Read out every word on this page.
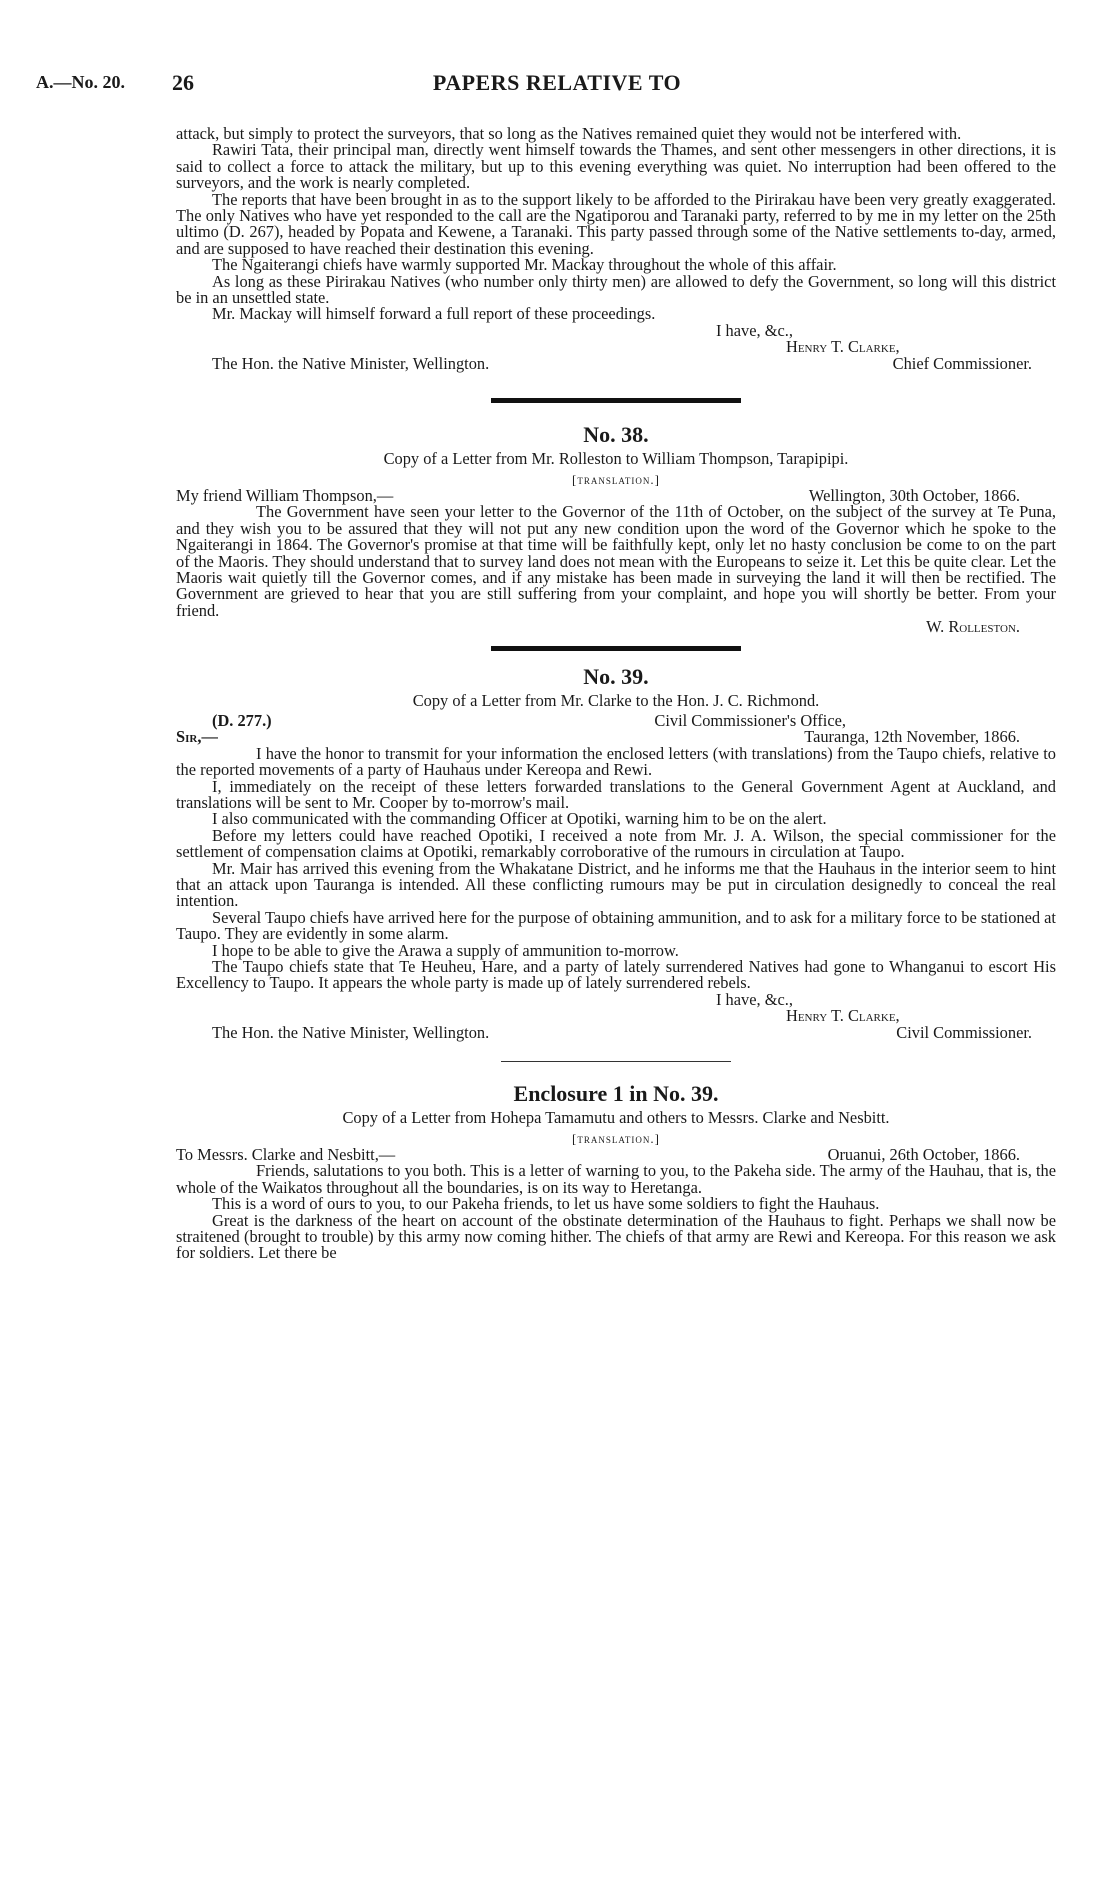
A.—No. 20. 26	PAPERS RELATIVE TO

attack, but simply to protect the surveyors, that so long as the Natives remained quiet they would not be interfered with.

Rawiri Tata, their principal man, directly went himself towards the Thames, and sent other messengers in other directions, it is said to collect a force to attack the military, but up to this evening everything was quiet. No interruption had been offered to the surveyors, and the work is nearly completed.

The reports that have been brought in as to the support likely to be afforded to the Pirirakau have been very greatly exaggerated. The only Natives who have yet responded to the call are the Ngatiporou and Taranaki party, referred to by me in my letter on the 25th ultimo (D. 267), headed by Popata and Kewene, a Taranaki. This party passed through some of the Native settlements to-day, armed, and are supposed to have reached their destination this evening.

The Ngaiterangi chiefs have warmly supported Mr. Mackay throughout the whole of this affair.

As long as these Pirirakau Natives (who number only thirty men) are allowed to defy the Government, so long will this district be in an unsettled state.

Mr. Mackay will himself forward a full report of these proceedings.

I have, &c.,
Henry T. Clarke,
The Hon. the Native Minister, Wellington.	Chief Commissioner.
No. 38.

Copy of a Letter from Mr. Rolleston to William Thompson, Tarapipipi.

[translation.]

My friend William Thompson,—	Wellington, 30th October, 1866.

The Government have seen your letter to the Governor of the 11th of October, on the subject of the survey at Te Puna, and they wish you to be assured that they will not put any new condition upon the word of the Governor which he spoke to the Ngaiterangi in 1864. The Governor's promise at that time will be faithfully kept, only let no hasty conclusion be come to on the part of the Maoris. They should understand that to survey land does not mean with the Europeans to seize it. Let this be quite clear. Let the Maoris wait quietly till the Governor comes, and if any mistake has been made in surveying the land it will then be rectified. The Government are grieved to hear that you are still suffering from your complaint, and hope you will shortly be better. From your friend.

W. Rolleston.
No. 39.

Copy of a Letter from Mr. Clarke to the Hon. J. C. Richmond.

(D. 277.)	Civil Commissioner's Office,
Sir,—	Tauranga, 12th November, 1866.

I have the honor to transmit for your information the enclosed letters (with translations) from the Taupo chiefs, relative to the reported movements of a party of Hauhaus under Kereopa and Rewi.

I, immediately on the receipt of these letters forwarded translations to the General Government Agent at Auckland, and translations will be sent to Mr. Cooper by to-morrow's mail.

I also communicated with the commanding Officer at Opotiki, warning him to be on the alert.

Before my letters could have reached Opotiki, I received a note from Mr. J. A. Wilson, the special commissioner for the settlement of compensation claims at Opotiki, remarkably corroborative of the rumours in circulation at Taupo.

Mr. Mair has arrived this evening from the Whakatane District, and he informs me that the Hauhaus in the interior seem to hint that an attack upon Tauranga is intended. All these conflicting rumours may be put in circulation designedly to conceal the real intention.

Several Taupo chiefs have arrived here for the purpose of obtaining ammunition, and to ask for a military force to be stationed at Taupo. They are evidently in some alarm.

I hope to be able to give the Arawa a supply of ammunition to-morrow.

The Taupo chiefs state that Te Heuheu, Hare, and a party of lately surrendered Natives had gone to Whanganui to escort His Excellency to Taupo. It appears the whole party is made up of lately surrendered rebels.

I have, &c.,
Henry T. Clarke,
The Hon. the Native Minister, Wellington.	Civil Commissioner.
Enclosure 1 in No. 39.

Copy of a Letter from Hohepa Tamamutu and others to Messrs. Clarke and Nesbitt.

[translation.]

To Messrs. Clarke and Nesbitt,—	Oruanui, 26th October, 1866.

Friends, salutations to you both. This is a letter of warning to you, to the Pakeha side. The army of the Hauhau, that is, the whole of the Waikatos throughout all the boundaries, is on its way to Heretanga.

This is a word of ours to you, to our Pakeha friends, to let us have some soldiers to fight the Hauhaus.

Great is the darkness of the heart on account of the obstinate determination of the Hauhaus to fight. Perhaps we shall now be straitened (brought to trouble) by this army now coming hither. The chiefs of that army are Rewi and Kereopa. For this reason we ask for soldiers. Let there be
